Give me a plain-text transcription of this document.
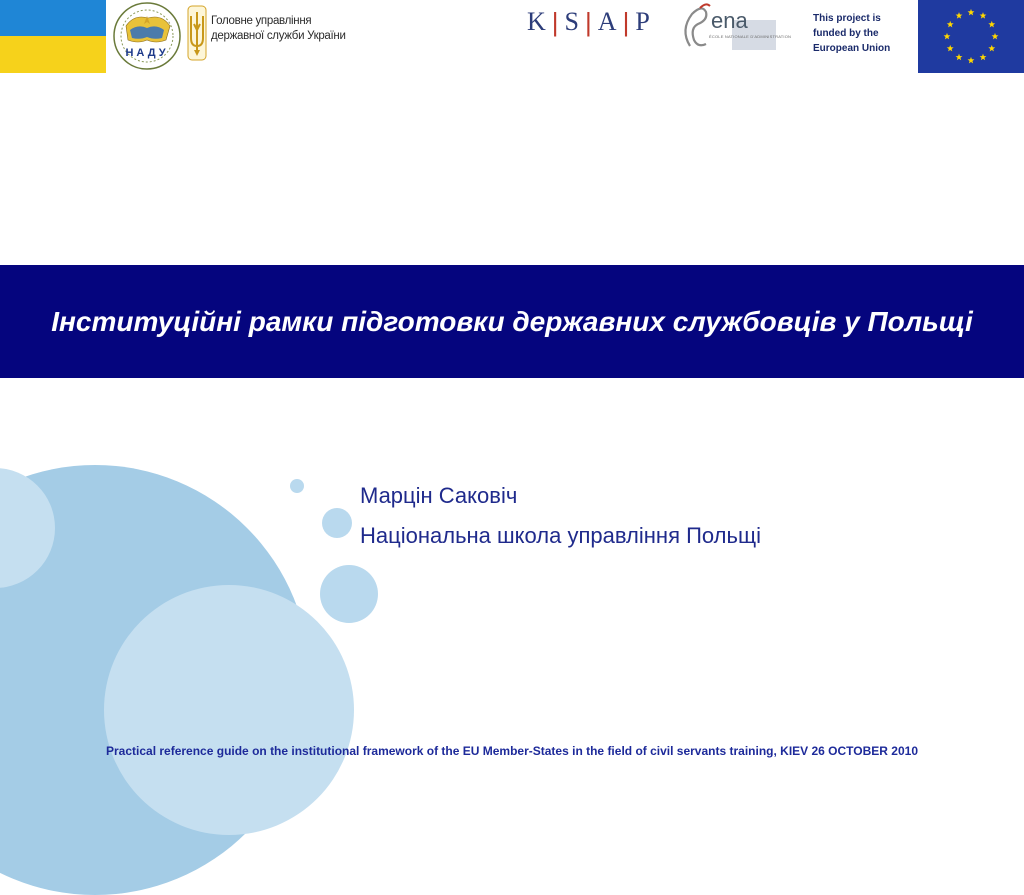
НАДУ
Головне управління
державної служби України	K | S | A | P	ena
ÉCOLE NATIONALE D'ADMINISTRATION
This project is funded by the European Union
Інституційні рамки підготовки державних службовців у Польщі
Марцін Саковіч
Національна школа управління Польщі
Practical reference guide on the institutional framework of the EU Member-States in the field of civil servants training, KIEV 26 OCTOBER 2010
